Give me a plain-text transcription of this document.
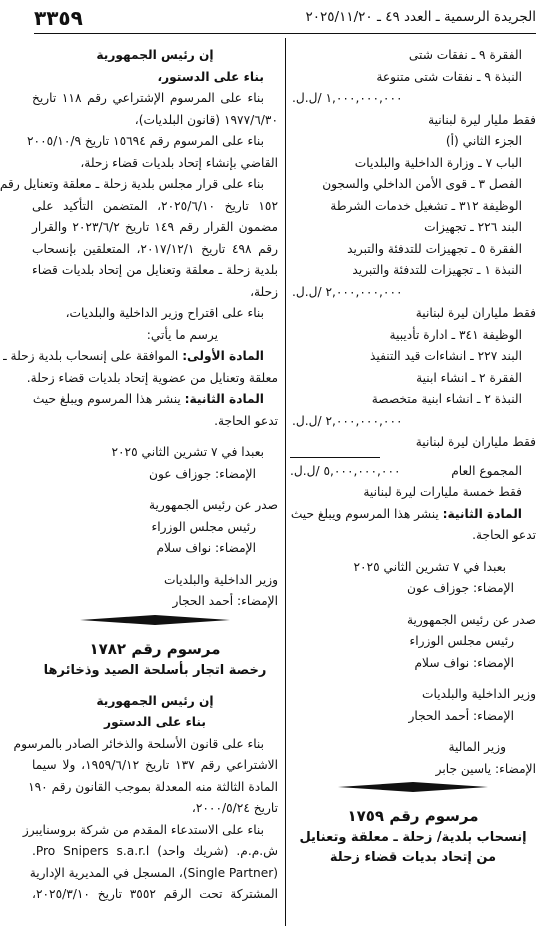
٣٣٥٩	الجريدة الرسمية ـ العدد ٤٩ ـ ٢٠٢٥/١١/٢٠
الفقرة ٩ ـ نفقات شتى
النبذة ٩ ـ نفقات شتى متنوعة
١,٠٠٠,٠٠٠,٠٠٠ /ل.ل.
فقط مليار ليرة لبنانية
الجزء الثاني (أ)
الباب ٧ ـ وزارة الداخلية والبلديات
الفصل ٣ ـ قوى الأمن الداخلي والسجون
الوظيفة ٣١٢ ـ تشغيل خدمات الشرطة
البند ٢٢٦ ـ تجهيزات
الفقرة ٥ ـ تجهيزات للتدفئة والتبريد
النبذة ١ ـ تجهيزات للتدفئة والتبريد
٢,٠٠٠,٠٠٠,٠٠٠ /ل.ل.
فقط ملياران ليرة لبنانية
الوظيفة ٣٤١ ـ ادارة تأديبية
البند ٢٢٧ ـ انشاءات قيد التنفيذ
الفقرة ٢ ـ انشاء ابنية
النبذة ٢ ـ انشاء ابنية متخصصة
٢,٠٠٠,٠٠٠,٠٠٠ /ل.ل.
فقط ملياران ليرة لبنانية
المجموع العام
٥,٠٠٠,٠٠٠,٠٠٠ /ل.ل.
فقط خمسة مليارات ليرة لبنانية
المادة الثانية: ينشر هذا المرسوم ويبلغ حيث
تدعو الحاجة.
بعبدا في ٧ تشرين الثاني ٢٠٢٥
الإمضاء: جوزاف عون
صدر عن رئيس الجمهورية
رئيس مجلس الوزراء
الإمضاء: نواف سلام
وزير الداخلية والبلديات
الإمضاء: أحمد الحجار
وزير المالية
الإمضاء: ياسين جابر
مرسوم رقم ١٧٥٩
إنسحاب بلدية/ زحلة ـ معلقة وتعنايل
من إتحاد بديات قضاء زحلة
إن رئيس الجمهورية
بناء على الدستور،
بناء على المرسوم الإشتراعي رقم ١١٨ تاريخ
١٩٧٧/٦/٣٠ (قانون البلديات)،
بناء على المرسوم رقم ١٥٦٩٤ تاريخ ٢٠٠٥/١٠/٩
القاضي بإنشاء إتحاد بلديات قضاء زحلة،
بناء على قرار مجلس بلدية زحلة ـ معلقة وتعنايل رقم
١٥٢ تاريخ ٢٠٢٥/٦/١٠، المتضمن التأكيد على
مضمون القرار رقم ١٤٩ تاريخ ٢٠٢٣/٦/٢ والقرار
رقم ٤٩٨ تاريخ ٢٠١٧/١٢/١، المتعلقين بإنسحاب
بلدية زحلة ـ معلقة وتعنايل من إتحاد بلديات قضاء
زحلة،
بناء على اقتراح وزير الداخلية والبلديات،
يرسم ما يأتي:
المادة الأولى: الموافقة على إنسحاب بلدية زحلة ـ
معلقة وتعنايل من عضوية إتحاد بلديات قضاء زحلة.
المادة الثانية: ينشر هذا المرسوم ويبلغ حيث
تدعو الحاجة.
بعبدا في ٧ تشرين الثاني ٢٠٢٥
الإمضاء: جوزاف عون
صدر عن رئيس الجمهورية
رئيس مجلس الوزراء
الإمضاء: نواف سلام
وزير الداخلية والبلديات
الإمضاء: أحمد الحجار
مرسوم رقم ١٧٨٢
رخصة اتجار بأسلحة الصيد وذخائرها
إن رئيس الجمهورية
بناء على الدستور
بناء على قانون الأسلحة والذخائر الصادر بالمرسوم
الاشتراعي رقم ١٣٧ تاريخ ١٩٥٩/٦/١٢، ولا سيما
المادة الثالثة منه المعدلة بموجب القانون رقم ١٩٠
تاريخ ٢٠٠٠/٥/٢٤،
بناء على الاستدعاء المقدم من شركة بروسنايبرز
ش.م.م. (شريك واحد) Pro Snipers s.a.r.l.
(Single Partner)، المسجل في المديرية الإدارية
المشتركة تحت الرقم ٣٥٥٢ تاريخ ٢٠٢٥/٣/١٠،
